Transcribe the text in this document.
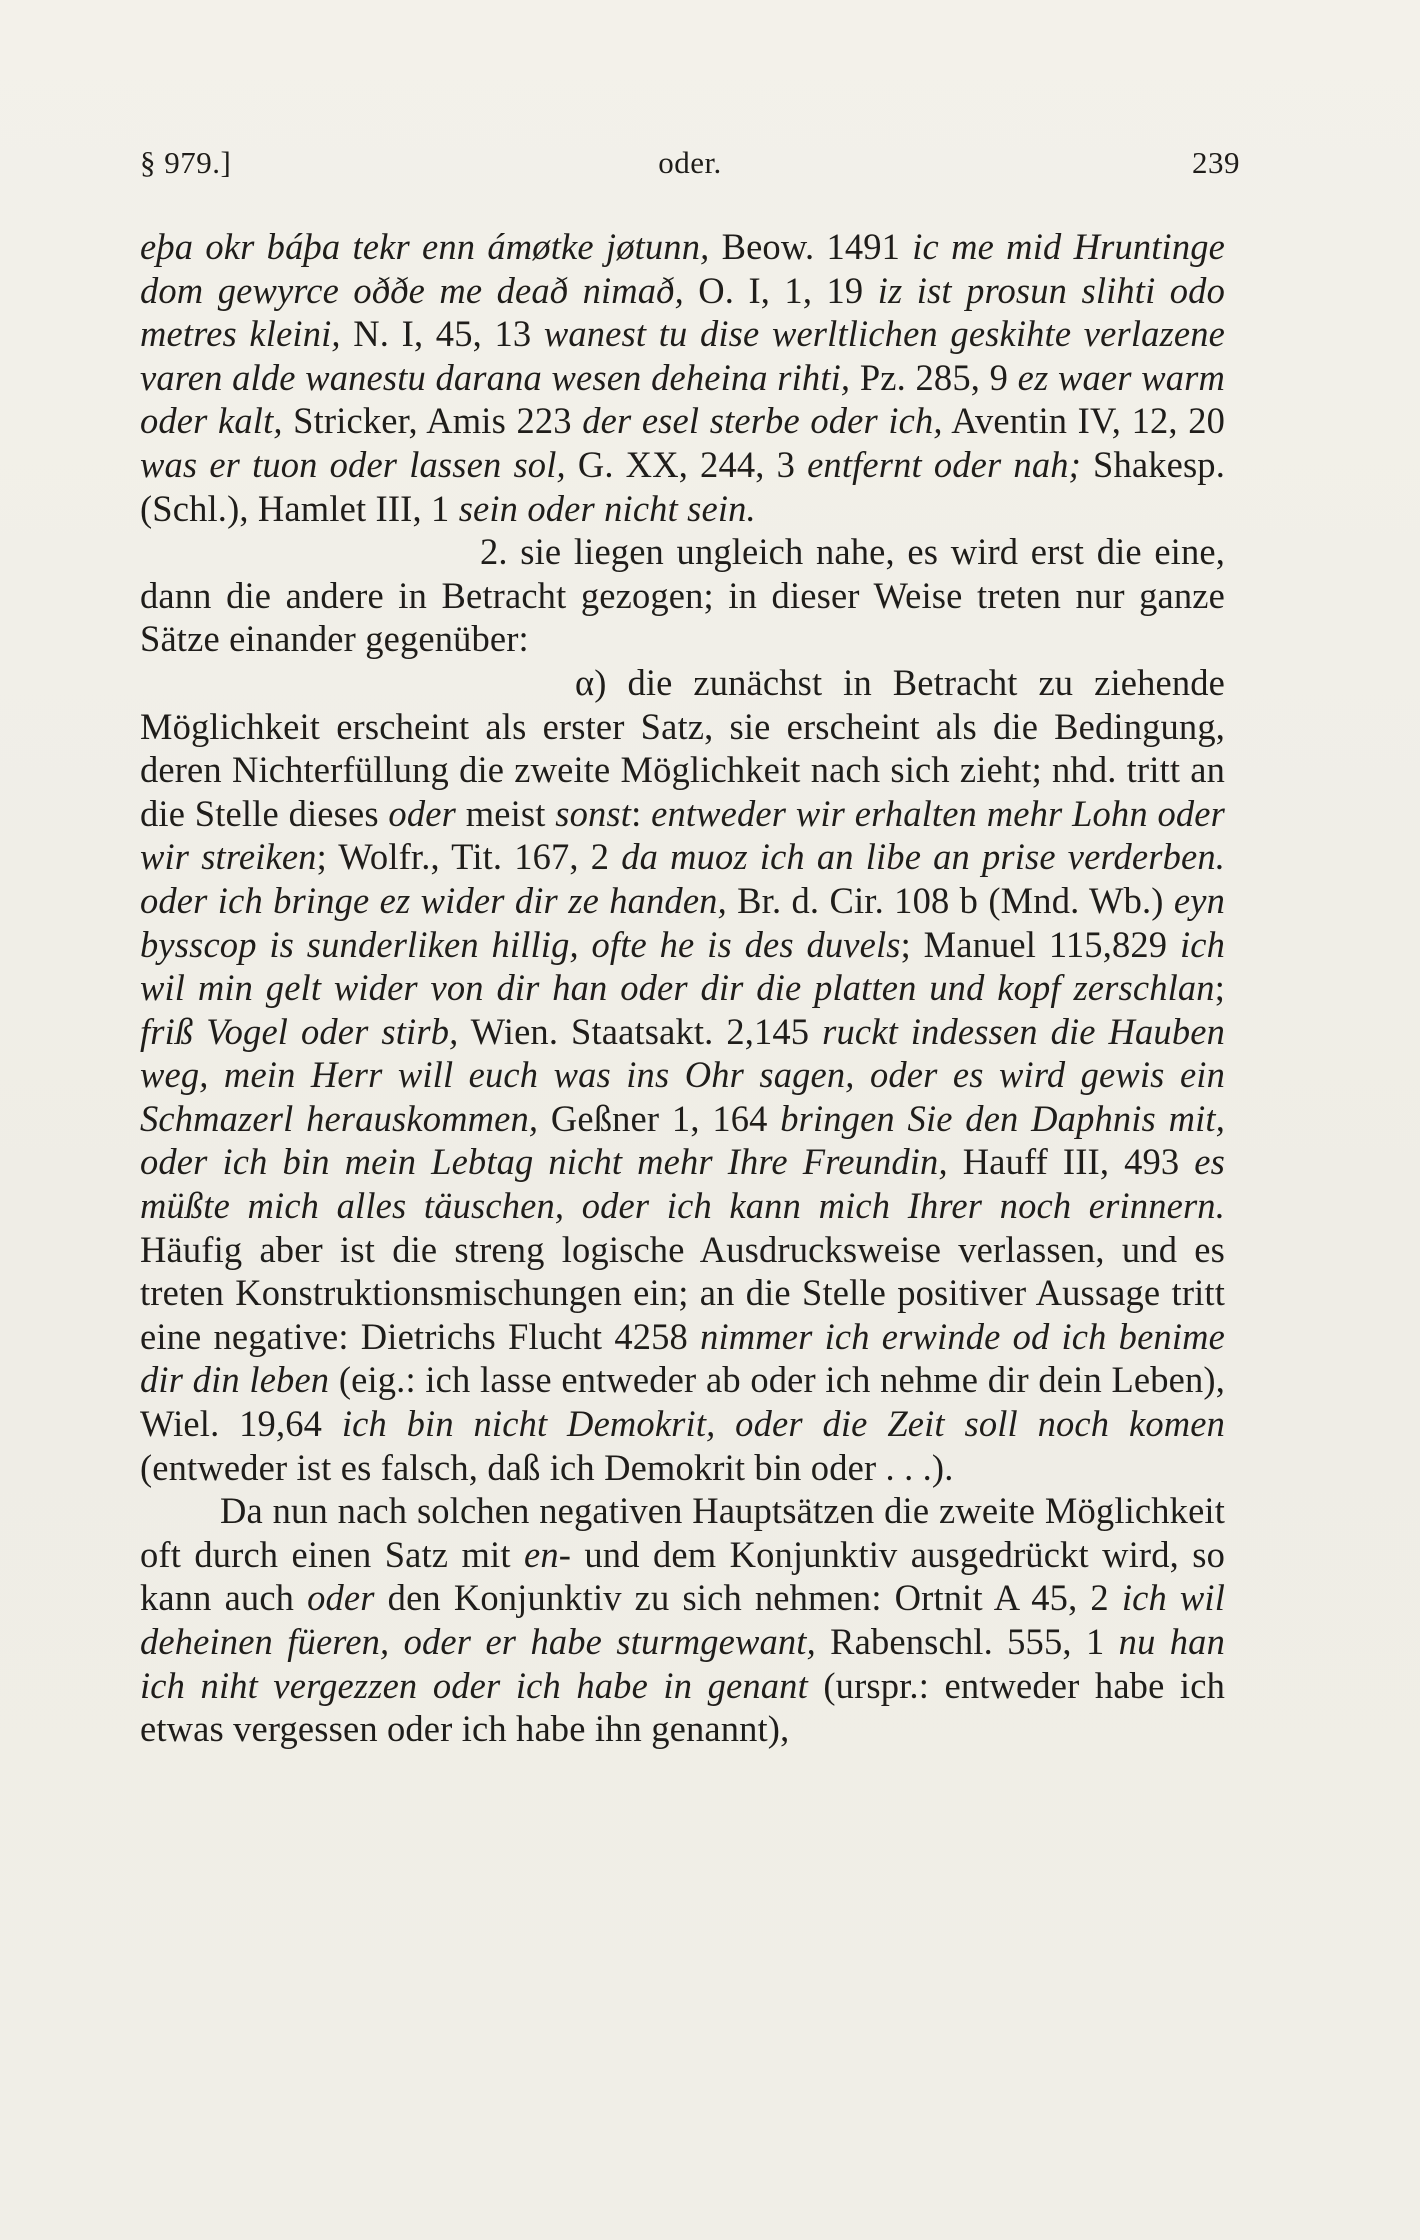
§ 979.]	oder.	239

eþa okr báþa tekr enn ámøtke jøtunn, Beow. 1491 ic me mid Hruntinge dom gewyrce oððe me deað nimað, O. I, 1, 19 iz ist prosun slihti odo metres kleini, N. I, 45, 13 wanest tu dise werltlichen geskihte verlazene varen alde wanestu darana wesen deheina rihti, Pz. 285, 9 ez waer warm oder kalt, Stricker, Amis 223 der esel sterbe oder ich, Aventin IV, 12, 20 was er tuon oder lassen sol, G. XX, 244, 3 entfernt oder nah; Shakesp. (Schl.), Hamlet III, 1 sein oder nicht sein.

2. sie liegen ungleich nahe, es wird erst die eine, dann die andere in Betracht gezogen; in dieser Weise treten nur ganze Sätze einander gegenüber:

α) die zunächst in Betracht zu ziehende Möglichkeit erscheint als erster Satz, sie erscheint als die Bedingung, deren Nichterfüllung die zweite Möglichkeit nach sich zieht; nhd. tritt an die Stelle dieses oder meist sonst: entweder wir erhalten mehr Lohn oder wir streiken; Wolfr., Tit. 167, 2 da muoz ich an libe an prise verderben. oder ich bringe ez wider dir ze handen, Br. d. Cir. 108 b (Mnd. Wb.) eyn bysscop is sunderliken hillig, ofte he is des duvels; Manuel 115,829 ich wil min gelt wider von dir han oder dir die platten und kopf zerschlan; friß Vogel oder stirb, Wien. Staatsakt. 2,145 ruckt indessen die Hauben weg, mein Herr will euch was ins Ohr sagen, oder es wird gewis ein Schmazerl herauskommen, Geßner 1, 164 bringen Sie den Daphnis mit, oder ich bin mein Lebtag nicht mehr Ihre Freundin, Hauff III, 493 es müßte mich alles täuschen, oder ich kann mich Ihrer noch erinnern. Häufig aber ist die streng logische Ausdrucksweise verlassen, und es treten Konstruktionsmischungen ein; an die Stelle positiver Aussage tritt eine negative: Dietrichs Flucht 4258 nimmer ich erwinde od ich benime dir din leben (eig.: ich lasse entweder ab oder ich nehme dir dein Leben), Wiel. 19,64 ich bin nicht Demokrit, oder die Zeit soll noch komen (entweder ist es falsch, daß ich Demokrit bin oder . . .).

Da nun nach solchen negativen Hauptsätzen die zweite Möglichkeit oft durch einen Satz mit en- und dem Konjunktiv ausgedrückt wird, so kann auch oder den Konjunktiv zu sich nehmen: Ortnit A 45, 2 ich wil deheinen füeren, oder er habe sturmgewant, Rabenschl. 555, 1 nu han ich niht vergezzen oder ich habe in genant (urspr.: entweder habe ich etwas vergessen oder ich habe ihn genannt),
